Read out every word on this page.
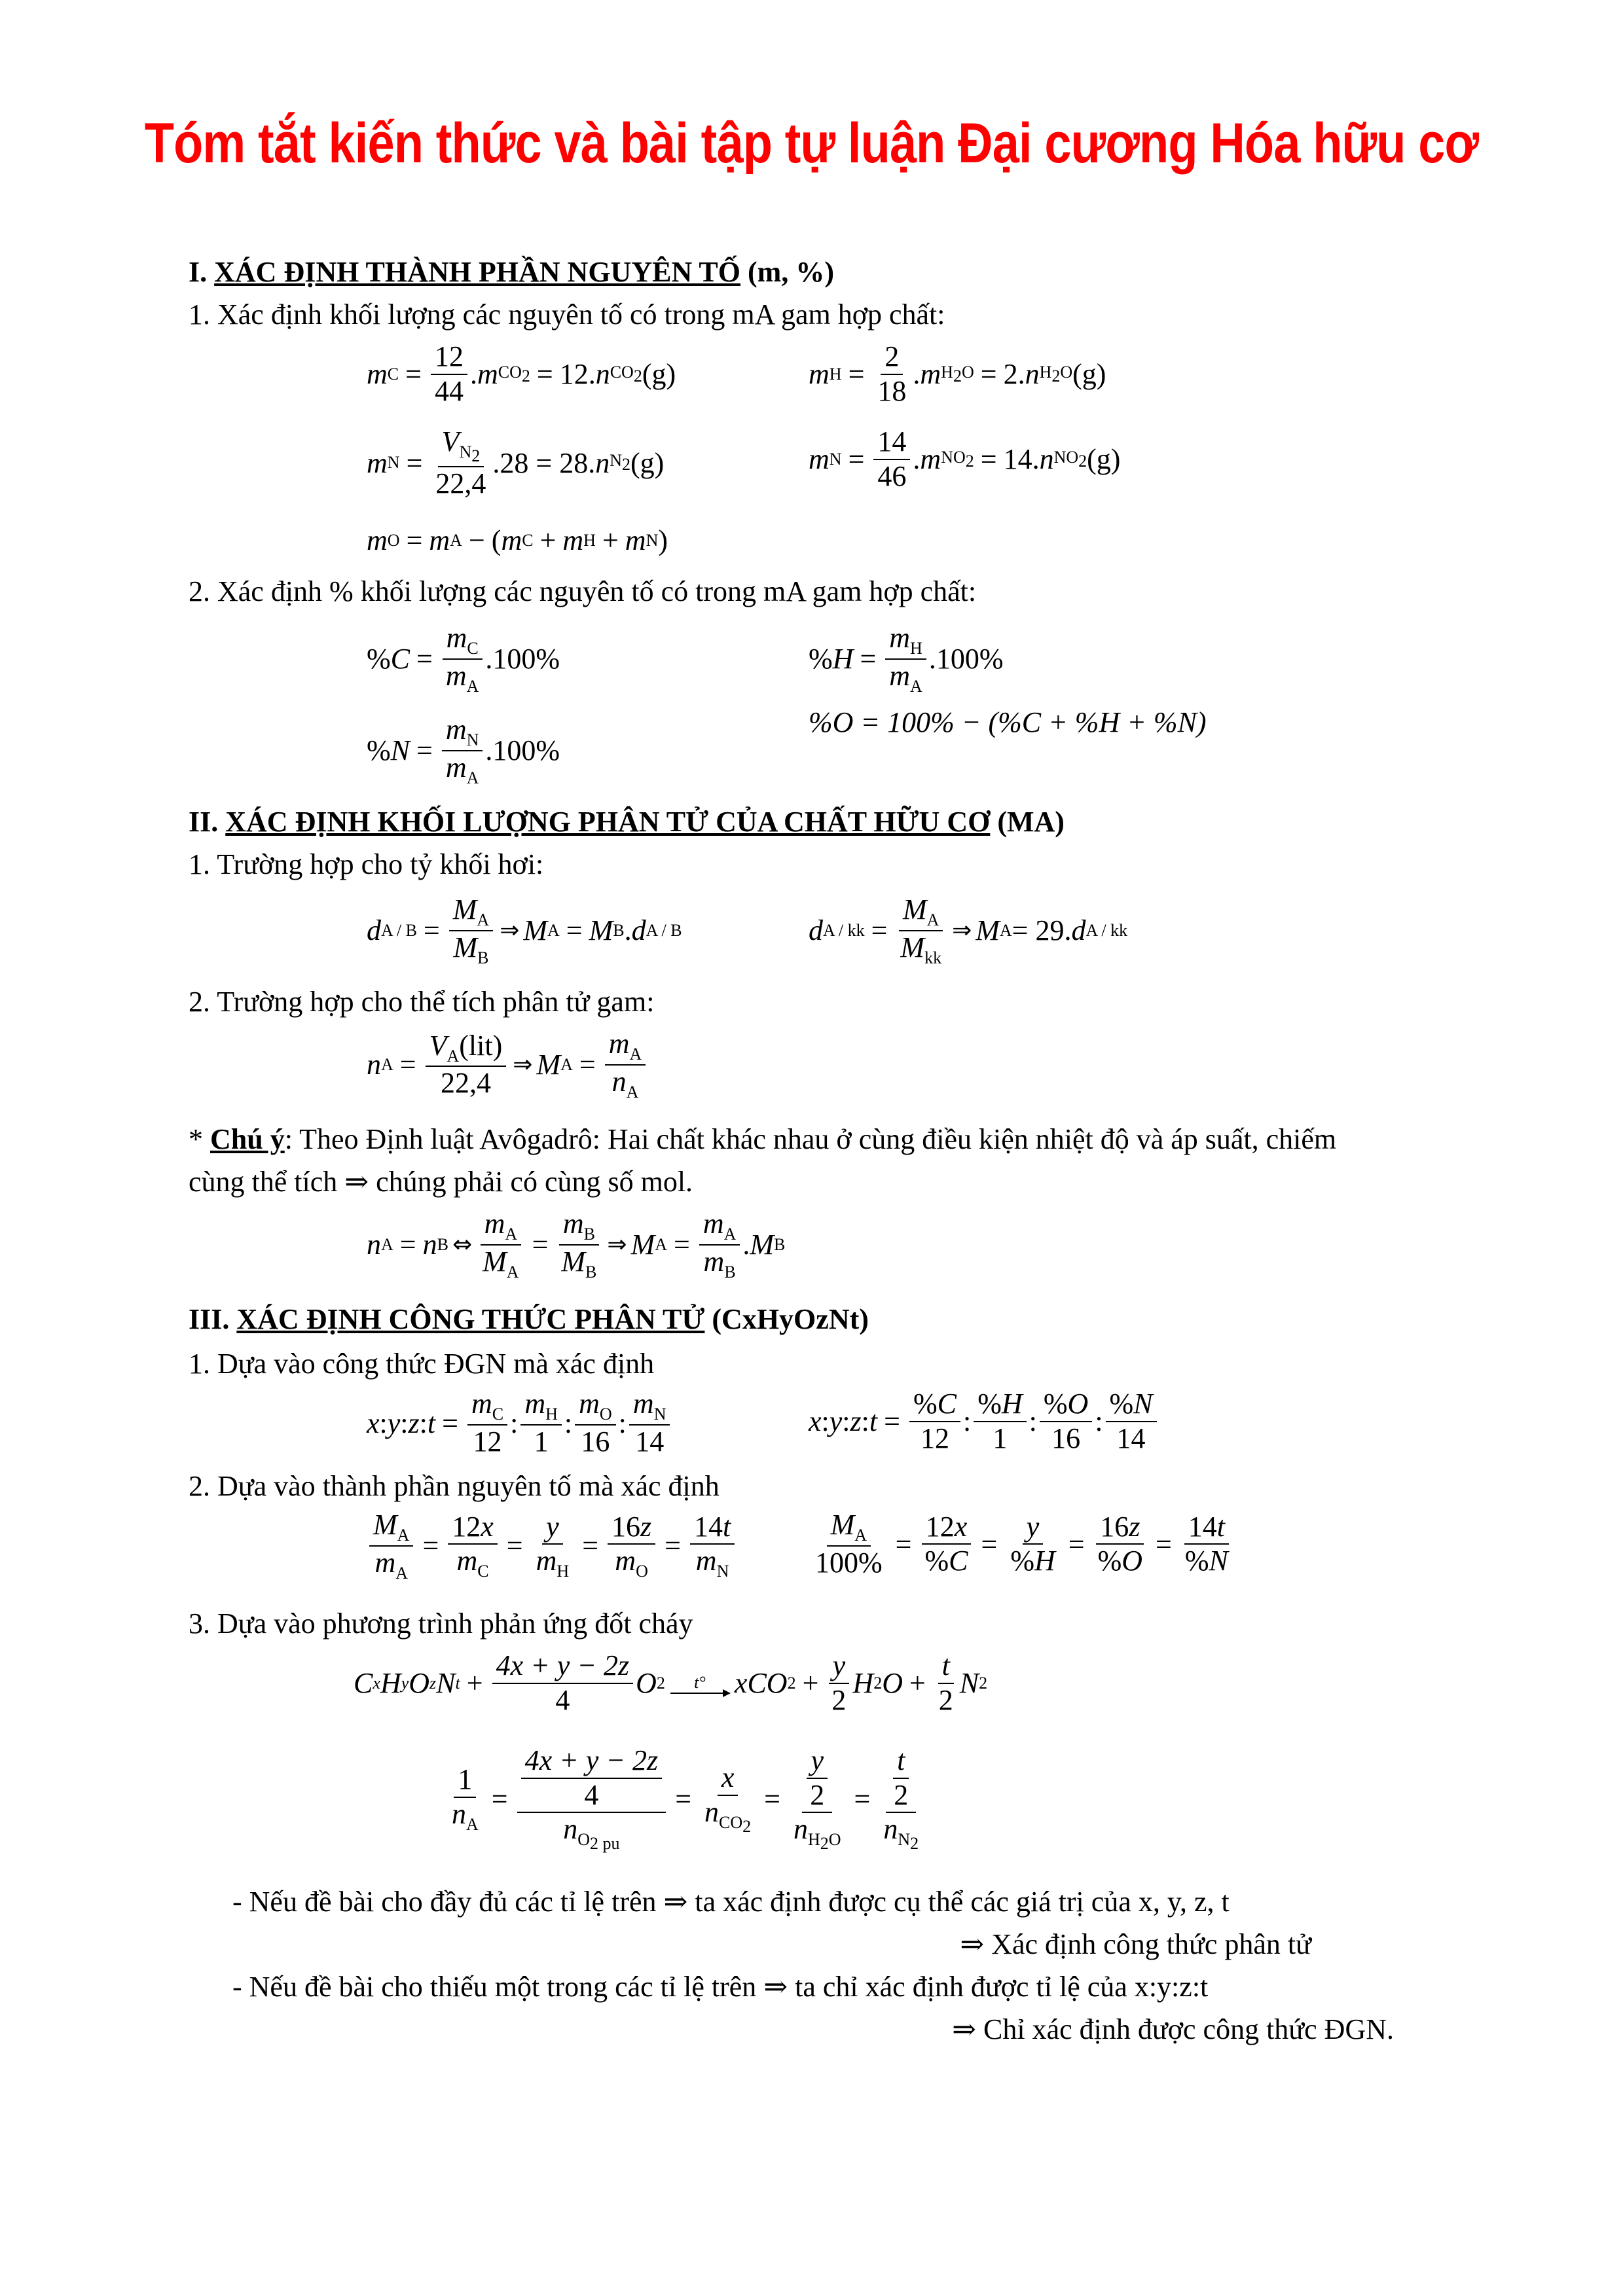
Tóm tắt kiến thức và bài tập tự luận Đại cương Hóa hữu cơ
I. XÁC ĐỊNH THÀNH PHẦN NGUYÊN TỐ (m, %)
1. Xác định khối lượng các nguyên tố có trong mA gam hợp chất:
m $C = \frac{12}{44}$ . m $CO_2 = 12$. n $CO_2$ (g)	m $H = \frac{2}{18}$ . m $H_2O = 2$. n $H_2O$ (g)
m $N = \frac{V_{N_2}}{22,4} .28 = 28$. n $N_2$ (g)	m $N = \frac{14}{46}$ . m $NO_2 = 14$. n $NO_2$ (g)
m O = m A − ( m C + m H + m N )
2. Xác định % khối lượng các nguyên tố có trong mA gam hợp chất:
% $C = \frac{m_C}{m_A} .100\%$	% $H = \frac{m_H}{m_A} .100\%$
% $N = \frac{m_N}{m_A} .100\%$
%O = 100% − (%C + %H + %N)
II. XÁC ĐỊNH KHỐI LƯỢNG PHÂN TỬ CỦA CHẤT HỮU CƠ (MA)
1. Trường hợp cho tỷ khối hơi:
d $A / B = \frac{M_A}{M_B}$ ⇒ M A = M B . d A / B	d A / kk = $\frac{M_A}{M_{kk}}$ ⇒ M A = 29. d A / kk
2. Trường hợp cho thể tích phân tử gam:
n $A = \frac{V_A(lit)}{22,4}$ ⇒ M $A = \frac{m_A}{n_A}$
* Chú ý: Theo Định luật Avôgadrô: Hai chất khác nhau ở cùng điều kiện nhiệt độ và áp suất, chiếm
cùng thể tích ⇒ chúng phải có cùng số mol.
n A = n B ⇔ $\frac{m_A}{M_A} = \frac{m_B}{M_B}$ ⇒ M $A = \frac{m_A}{m_B}$ . M B
III. XÁC ĐỊNH CÔNG THỨC PHÂN TỬ (CxHyOzNt)
1. Dựa vào công thức ĐGN mà xác định
x : y : z : $t = \frac{m_C}{12}$ : $\frac{m_H}{1}$ : $\frac{m_O}{16}$ : $\frac{m_N}{14}$	x : y : z : $t = \frac{\%C}{12}$ : $\frac{\%H}{1}$ : $\frac{\%O}{16}$ : $\frac{\%N}{14}$
2. Dựa vào thành phần nguyên tố mà xác định
$\frac{M_A}{m_A} = \frac{12x}{m_C} = \frac{y}{m_H} = \frac{16z}{m_O} = \frac{14t}{m_N}$	$\frac{M_A}{100\%} = \frac{12x}{\%C} = \frac{y}{\%H} = \frac{16z}{\%O} = \frac{14t}{\%N}$
3. Dựa vào phương trình phản ứng đốt cháy
C x H y O z N $t + \frac{4x + y - 2z}{4}$ O 2 t° xCO $2 + \frac{y}{2}$ H 2 $O + \frac{t}{2}$ N 2
$\frac{1}{n_A} = \frac{\frac{4x + y - 2z}{4}}{n_{O_{2 pu}}} = \frac{x}{n_{CO_2}} = \frac{\frac{y}{2}}{n_{H_2O}} = \frac{\frac{t}{2}}{n_{N_2}}$
- Nếu đề bài cho đầy đủ các tỉ lệ trên ⇒ ta xác định được cụ thể các giá trị của x, y, z, t
⇒ Xác định công thức phân tử
- Nếu đề bài cho thiếu một trong các tỉ lệ trên ⇒ ta chỉ xác định được tỉ lệ của x:y:z:t
⇒ Chỉ xác định được công thức ĐGN.
